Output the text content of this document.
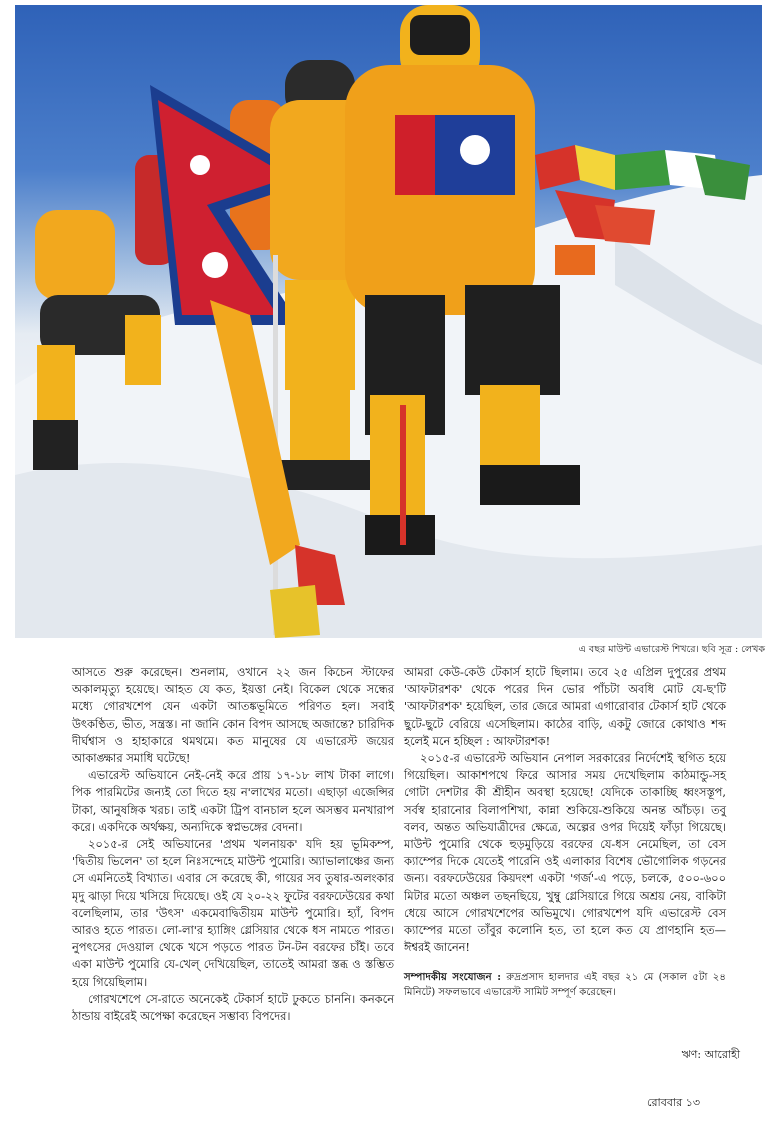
এ বছর মাউন্ট এভারেস্ট শিখরে। ছবি সূত্র : লেখক

আসতে শুরু করেছেন। শুনলাম, ওখানে ২২ জন কিচেন স্টাফের অকালমৃত্যু হয়েছে। আহত যে কত, ইয়ত্তা নেই। বিকেল থেকে সন্ধের মধ্যে গোরখশেপ যেন একটা আতঙ্কভূমিতে পরিণত হল। সবাই উৎকণ্ঠিত, ভীত, সন্ত্রস্ত। না জানি কোন বিপদ আসছে অজান্তে? চারিদিক দীর্ঘশ্বাস ও হাহাকারে থমথমে। কত মানুষের যে এভারেস্ট জয়ের আকাঙ্ক্ষার সমাধি ঘটেছে!

এভারেস্ট অভিযানে নেই-নেই করে প্রায় ১৭-১৮ লাখ টাকা লাগে। পিক পারমিটের জন্যই তো দিতে হয় ন'লাখের মতো। এছাড়া এজেন্সির টাকা, আনুষঙ্গিক খরচ। তাই একটা ট্রিপ বানচাল হলে অসম্ভব মনখারাপ করে। একদিকে অর্থক্ষয়, অন্যদিকে স্বপ্নভঙ্গের বেদনা।

২০১৫-র সেই অভিযানের 'প্রথম খলনায়ক' যদি হয় ভূমিকম্প, 'দ্বিতীয় ভিলেন' তা হলে নিঃসন্দেহে মাউন্ট পুমোরি। অ্যাভালাঞ্চের জন্য সে এমনিতেই বিখ্যাত। এবার সে করেছে কী, গায়ের সব তুষার-অলংকার মৃদু ঝাড়া দিয়ে খসিয়ে দিয়েছে। ওই যে ২০-২২ ফুটের বরফঢেউয়ের কথা বলেছিলাম, তার 'উৎস' একমেবাদ্বিতীয়ম মাউন্ট পুমোরি। হ্যাঁ, বিপদ আরও হতে পারত। লো-লা'র হ্যাঙ্গিং গ্লেসিয়ার থেকে ধস নামতে পারত। নুপৎসের দেওয়াল থেকে খসে পড়তে পারত টন-টন বরফের চাঁই। তবে একা মাউন্ট পুমোরি যে-খেল্‌ দেখিয়েছিল, তাতেই আমরা স্তব্ধ ও স্তম্ভিত হয়ে গিয়েছিলাম।

গোরখশেপে সে-রাতে অনেকেই টেকার্স হাটে ঢুকতে চাননি। কনকনে ঠান্ডায় বাইরেই অপেক্ষা করেছেন সম্ভাব্য বিপদের।

আমরা কেউ-কেউ টেকার্স হাটে ছিলাম। তবে ২৫ এপ্রিল দুপুরের প্রথম 'আফটারশক' থেকে পরের দিন ভোর পাঁচটা অবধি মোট যে-ছ'টি 'আফটারশক' হয়েছিল, তার জেরে আমরা এগারোবার টেকার্স হাট থেকে ছুটে-ছুটে বেরিয়ে এসেছিলাম। কাঠের বাড়ি, একটু জোরে কোথাও শব্দ হলেই মনে হচ্ছিল : আফটারশক!

২০১৫-র এভারেস্ট অভিযান নেপাল সরকারের নির্দেশেই স্থগিত হয়ে গিয়েছিল। আকাশপথে ফিরে আসার সময় দেখেছিলাম কাঠমান্ডু-সহ গোটা দেশটার কী শ্রীহীন অবস্থা হয়েছে! যেদিকে তাকাচ্ছি ধ্বংসস্তূপ, সর্বস্ব হারানোর বিলাপশিখা, কান্না শুকিয়ে-শুকিয়ে অনন্ত আঁচড়। তবু বলব, অন্তত অভিযাত্রীদের ক্ষেত্রে, অল্পের ওপর দিয়েই ফাঁড়া গিয়েছে। মাউন্ট পুমোরি থেকে হুড়মুড়িয়ে বরফের যে-ধস নেমেছিল, তা বেস ক্যাম্পের দিকে যেতেই পারেনি ওই এলাকার বিশেষ ভৌগোলিক গড়নের জন্য। বরফঢেউয়ের কিয়দংশ একটা 'গর্জ'-এ পড়ে, চলকে, ৫০০-৬০০ মিটার মতো অঞ্চল তছনছিয়ে, খুম্বু গ্লেসিয়ারে গিয়ে অশ্রয় নেয়, বাকিটা ধেয়ে আসে গোরখশেপের অভিমুখে। গোরখশেপ যদি এভারেস্ট বেস ক্যাম্পের মতো তাঁবুর কলোনি হত, তা হলে কত যে প্রাণহানি হত—ঈশ্বরই জানেন!

সম্পাদকীয় সংযোজন : রুদ্রপ্রসাদ হালদার এই বছর ২১ মে (সকাল ৫টা ২৪ মিনিটে) সফলভাবে এভারেস্ট সামিট সম্পূর্ণ করেছেন।
ঋণ: আরোহী
রোববার ১৩
